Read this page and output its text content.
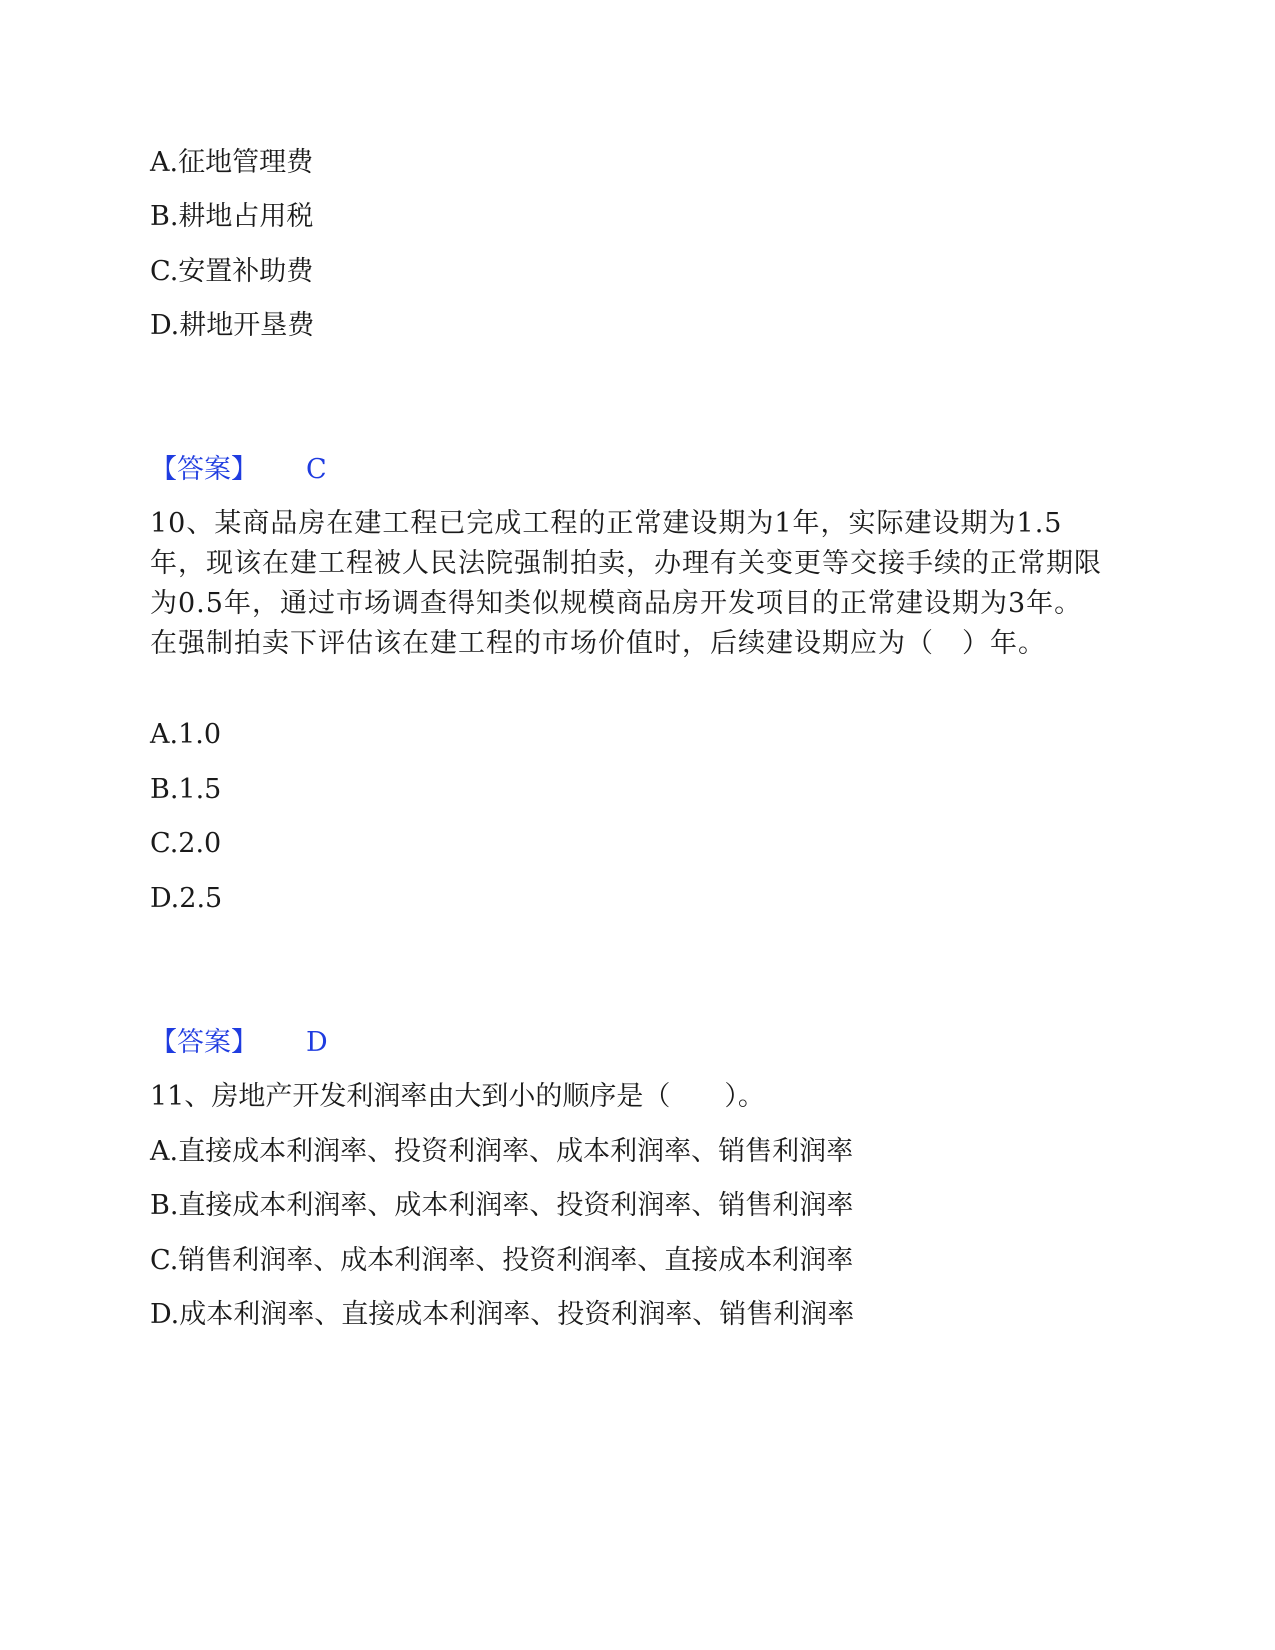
A.征地管理费
B.耕地占用税
C.安置补助费
D.耕地开垦费
【答案】 C
10、某商品房在建工程已完成工程的正常建设期为1年，实际建设期为1.5年，现该在建工程被人民法院强制拍卖，办理有关变更等交接手续的正常期限为0.5年，通过市场调查得知类似规模商品房开发项目的正常建设期为3年。在强制拍卖下评估该在建工程的市场价值时，后续建设期应为（　）年。
A.1.0
B.1.5
C.2.0
D.2.5
【答案】 D
11、房地产开发利润率由大到小的顺序是（　　）。
A.直接成本利润率、投资利润率、成本利润率、销售利润率
B.直接成本利润率、成本利润率、投资利润率、销售利润率
C.销售利润率、成本利润率、投资利润率、直接成本利润率
D.成本利润率、直接成本利润率、投资利润率、销售利润率
